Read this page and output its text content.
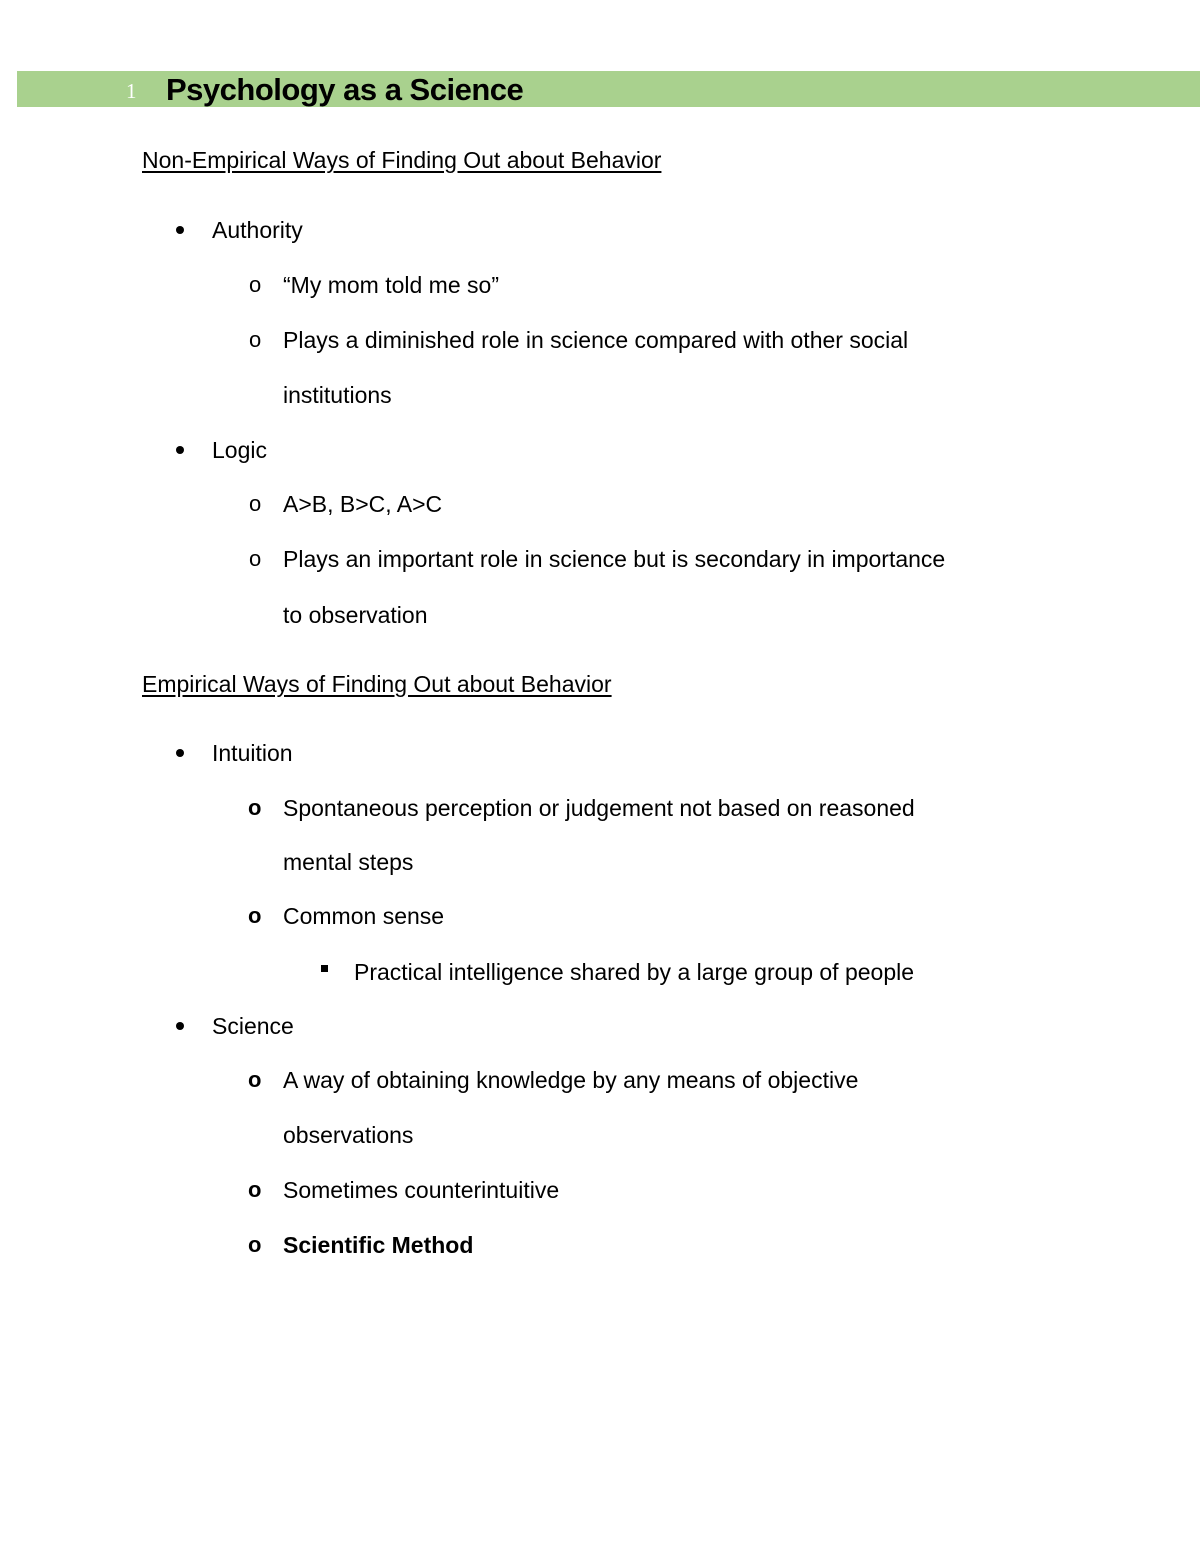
1 Psychology as a Science
Non-Empirical Ways of Finding Out about Behavior
Authority
o “My mom told me so”
o Plays a diminished role in science compared with other social
institutions
Logic
o A>B, B>C, A>C
o Plays an important role in science but is secondary in importance
to observation
Empirical Ways of Finding Out about Behavior
Intuition
o Spontaneous perception or judgement not based on reasoned
mental steps
o Common sense
Practical intelligence shared by a large group of people
Science
o A way of obtaining knowledge by any means of objective
observations
o Sometimes counterintuitive
o Scientific Method
